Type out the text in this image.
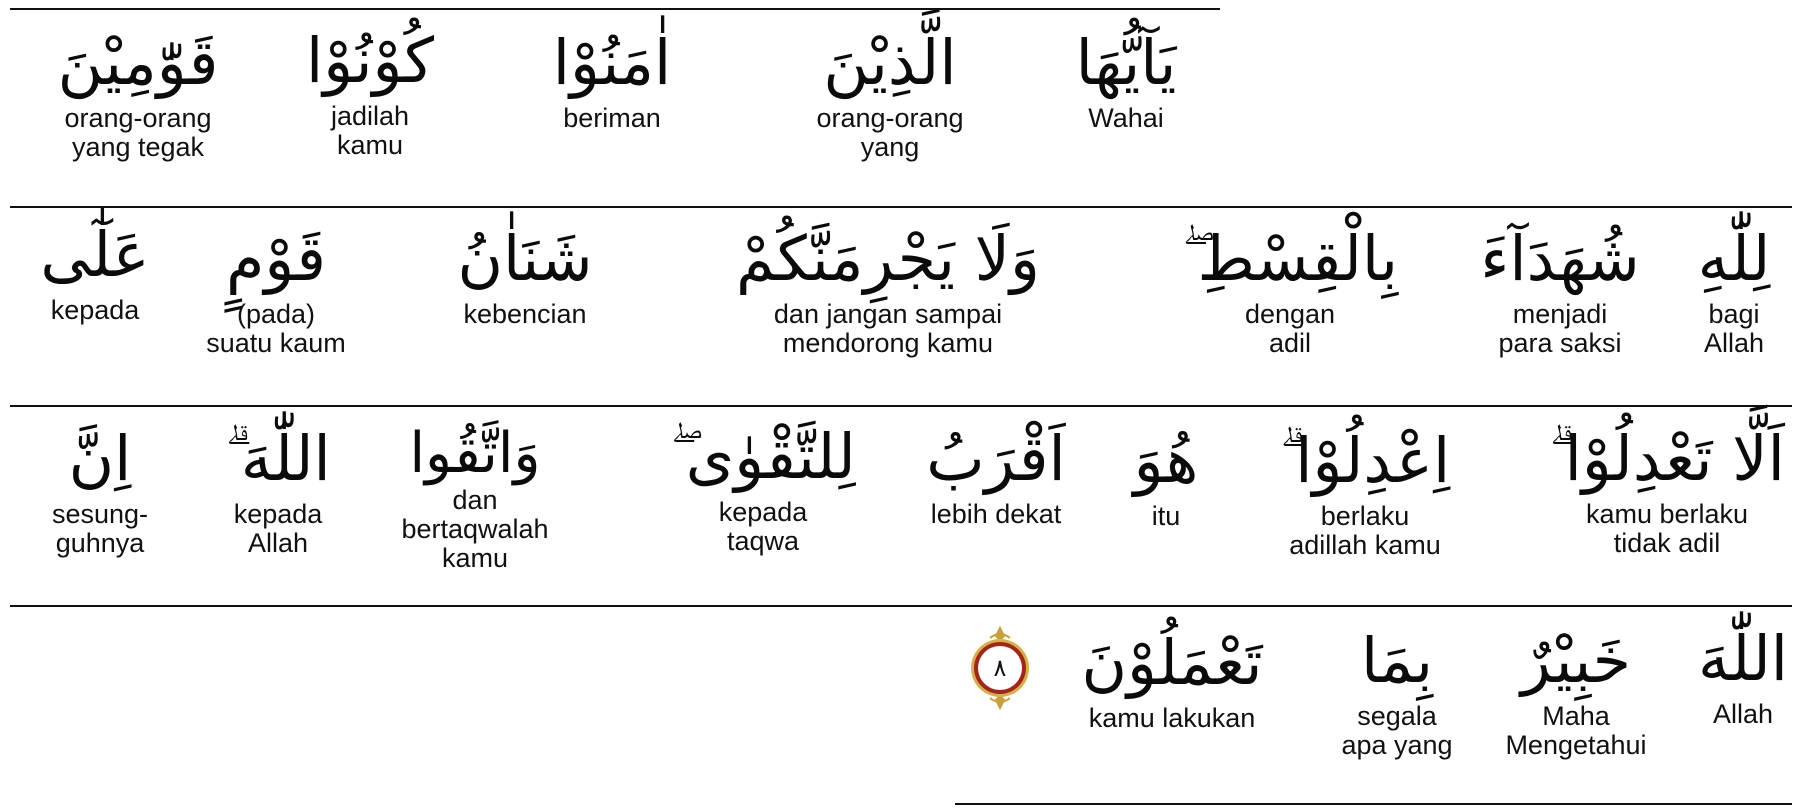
يَآيُّهَا
Wahai
الَّذِيْنَ
orang-orang
yang
اٰمَنُوْا
beriman
كُوْنُوْا
jadilah
kamu
قَوّٰمِيْنَ
orang-orang
yang tegak
لِلّٰهِ
bagi
Allah
شُهَدَآءَ
menjadi
para saksi
بِالْقِسْطِ ۖ
dengan
adil
وَلَا يَجْرِمَنَّكُمْ
dan jangan sampai
mendorong kamu
شَنَاٰنُ
kebencian
قَوْمٍ
(pada)
suatu kaum
عَلٰٓى
kepada
اَلَّا تَعْدِلُوْا ۗ
kamu berlaku
tidak adil
اِعْدِلُوْا ۗ
berlaku
adillah kamu
هُوَ
itu
اَقْرَبُ
lebih dekat
لِلتَّقْوٰى ۖ
kepada
taqwa
وَاتَّقُوا
dan
bertaqwalah
kamu
اللّٰهَ ۗ
kepada
Allah
اِنَّ
sesung-
guhnya
اللّٰهَ
Allah
خَبِيْرٌ
Maha
Mengetahui
بِمَا
segala
apa yang
تَعْمَلُوْنَ
kamu lakukan
٨
